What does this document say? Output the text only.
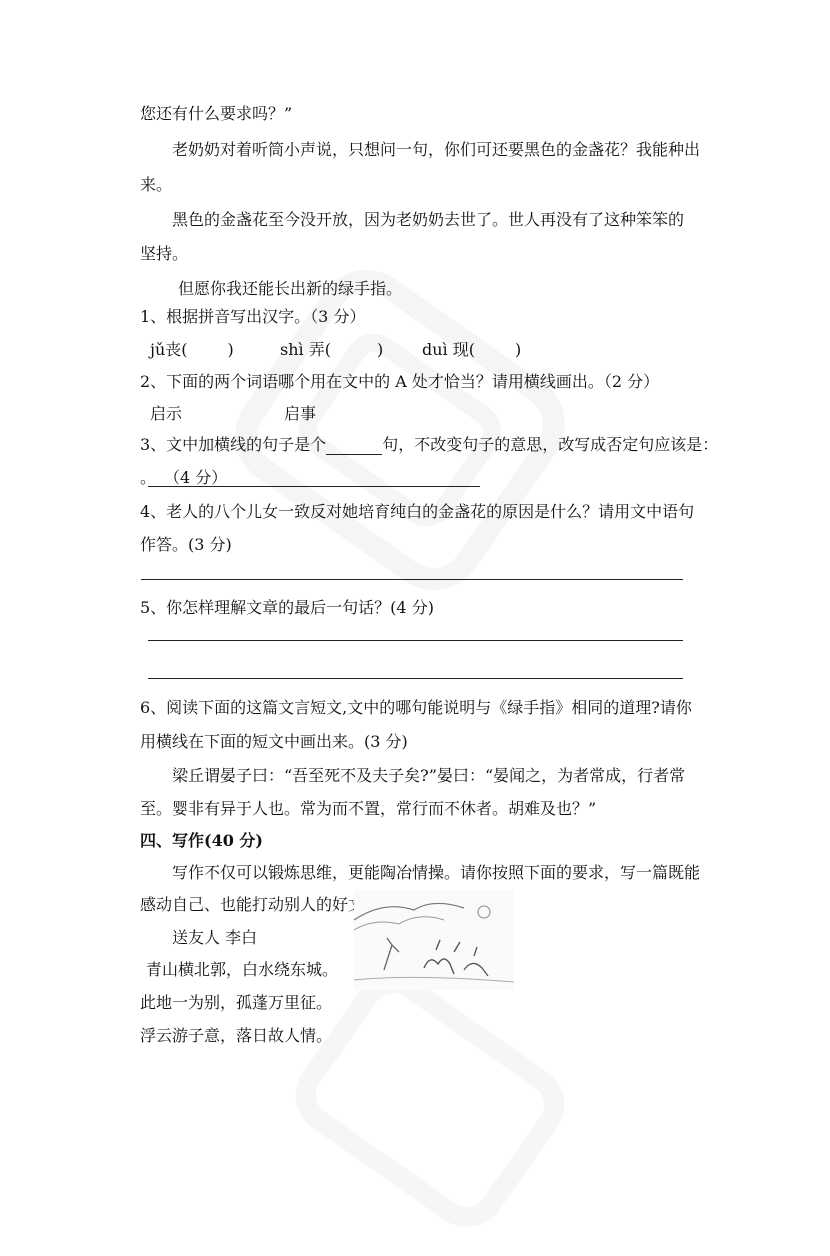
您还有什么要求吗？”
老奶奶对着听筒小声说，只想问一句，你们可还要黑色的金盏花？我能种出
来。
黑色的金盏花至今没开放，因为老奶奶去世了。世人再没有了这种笨笨的
坚持。
但愿你我还能长出新的绿手指。
1、根据拼音写出汉字。（3 分）
jǔ丧(	)	shì 弄(	) duì 现(	)
2、下面的两个词语哪个用在文中的 A 处才恰当？请用横线画出。（2 分）
启示	启事
3、文中加横线的句子是个	句，不改变句子的意思，改写成否定句应该是：
。 （4 分）
4、老人的八个儿女一致反对她培育纯白的金盏花的原因是什么？请用文中语句
作答。(3 分)
5、你怎样理解文章的最后一句话？(4 分)
6、阅读下面的这篇文言短文,文中的哪句能说明与《绿手指》相同的道理?请你
用横线在下面的短文中画出来。(3 分)
梁丘谓晏子曰：“吾至死不及夫子矣?”晏曰：“晏闻之，为者常成，行者常
至。婴非有异于人也。常为而不置，常行而不休者。胡难及也？”
四、写作(40 分)
写作不仅可以锻炼思维，更能陶冶情操。请你按照下面的要求，写一篇既能
感动自己、也能打动别人的好文
送友人 李白
青山横北郭，白水绕东城。
此地一为别，孤蓬万里征。
浮云游子意，落日故人情。
